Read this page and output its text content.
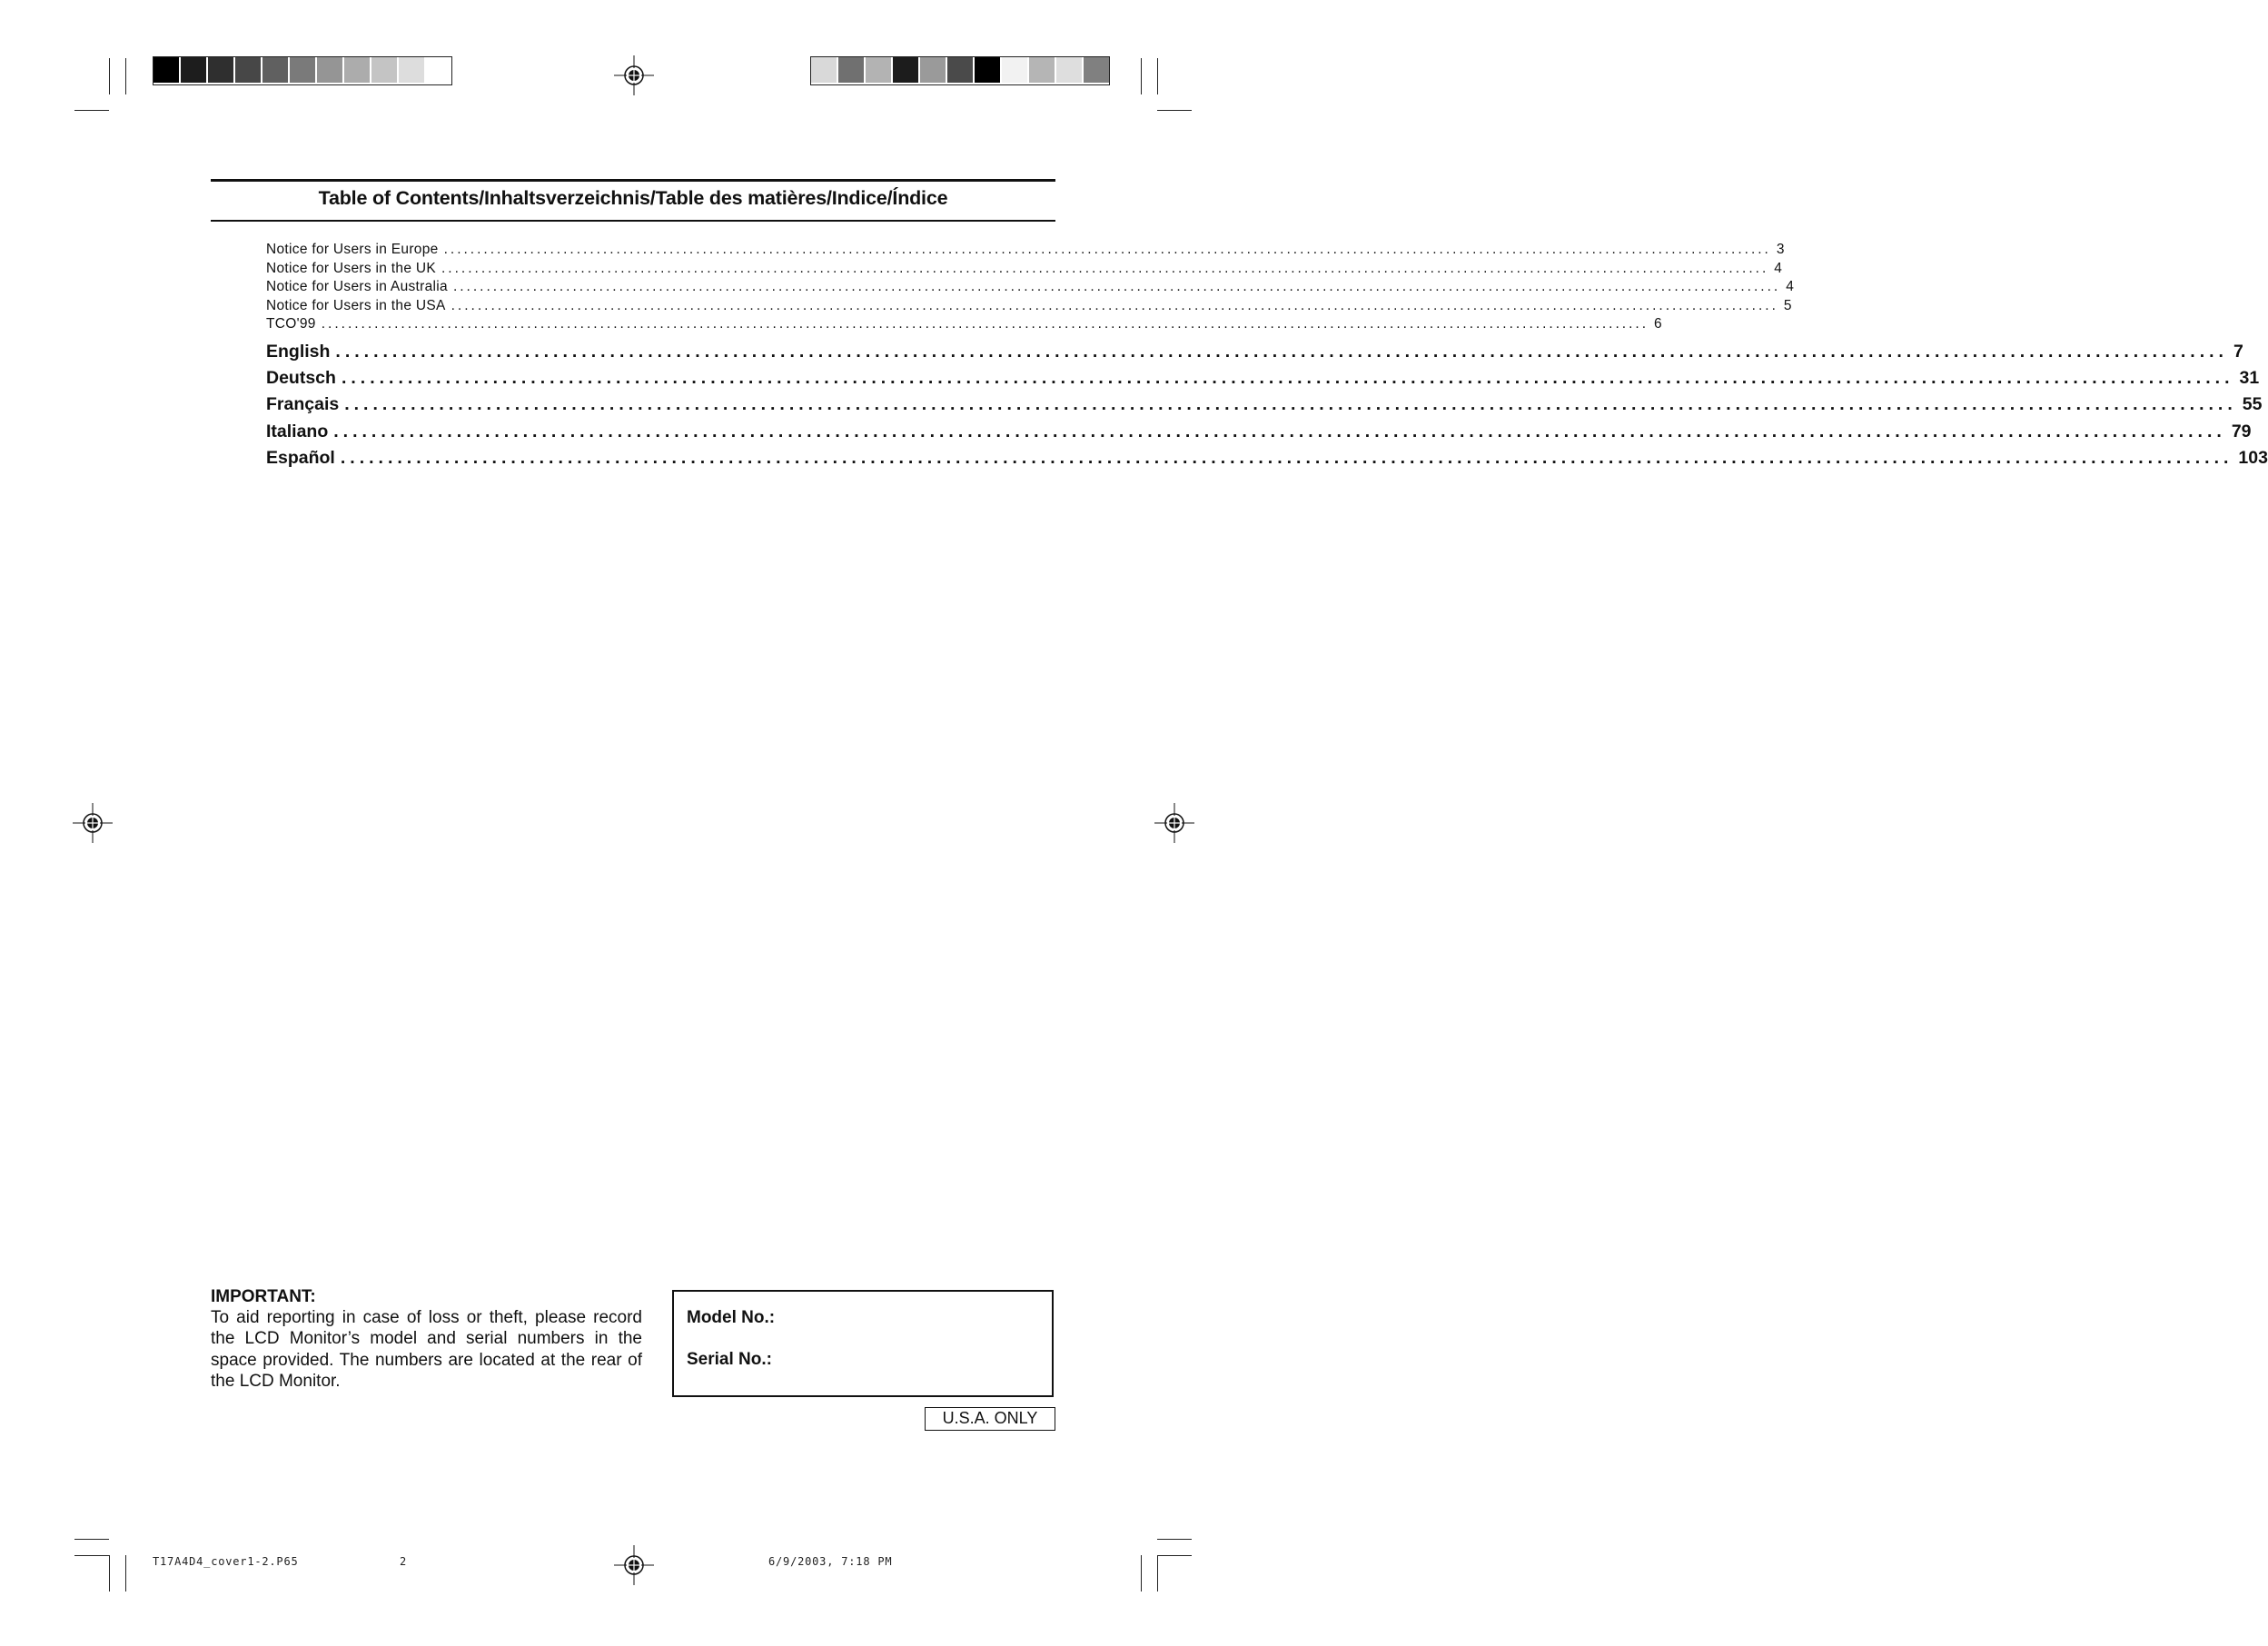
Table of Contents/Inhaltsverzeichnis/Table des matières/Indice/Índice
Notice for Users in Europe ........................................................................................................................................................................................................ 3
Notice for Users in the UK ........................................................................................................................................................................................................ 4
Notice for Users in Australia ........................................................................................................................................................................................................ 4
Notice for Users in the USA ........................................................................................................................................................................................................ 5
TCO'99 ........................................................................................................................................................................................................ 6
English ........................................................................................................................................................................................................ 7
Deutsch ........................................................................................................................................................................................................ 31
Français ........................................................................................................................................................................................................ 55
Italiano ........................................................................................................................................................................................................ 79
Español ........................................................................................................................................................................................................ 103
IMPORTANT:
To aid reporting in case of loss or theft, please record the LCD Monitor’s model and serial numbers in the space provided. The numbers are located at the rear of the LCD Monitor.
Model No.:
Serial No.:
U.S.A. ONLY
T17A4D4_cover1-2.P65	2	6/9/2003, 7:18 PM
